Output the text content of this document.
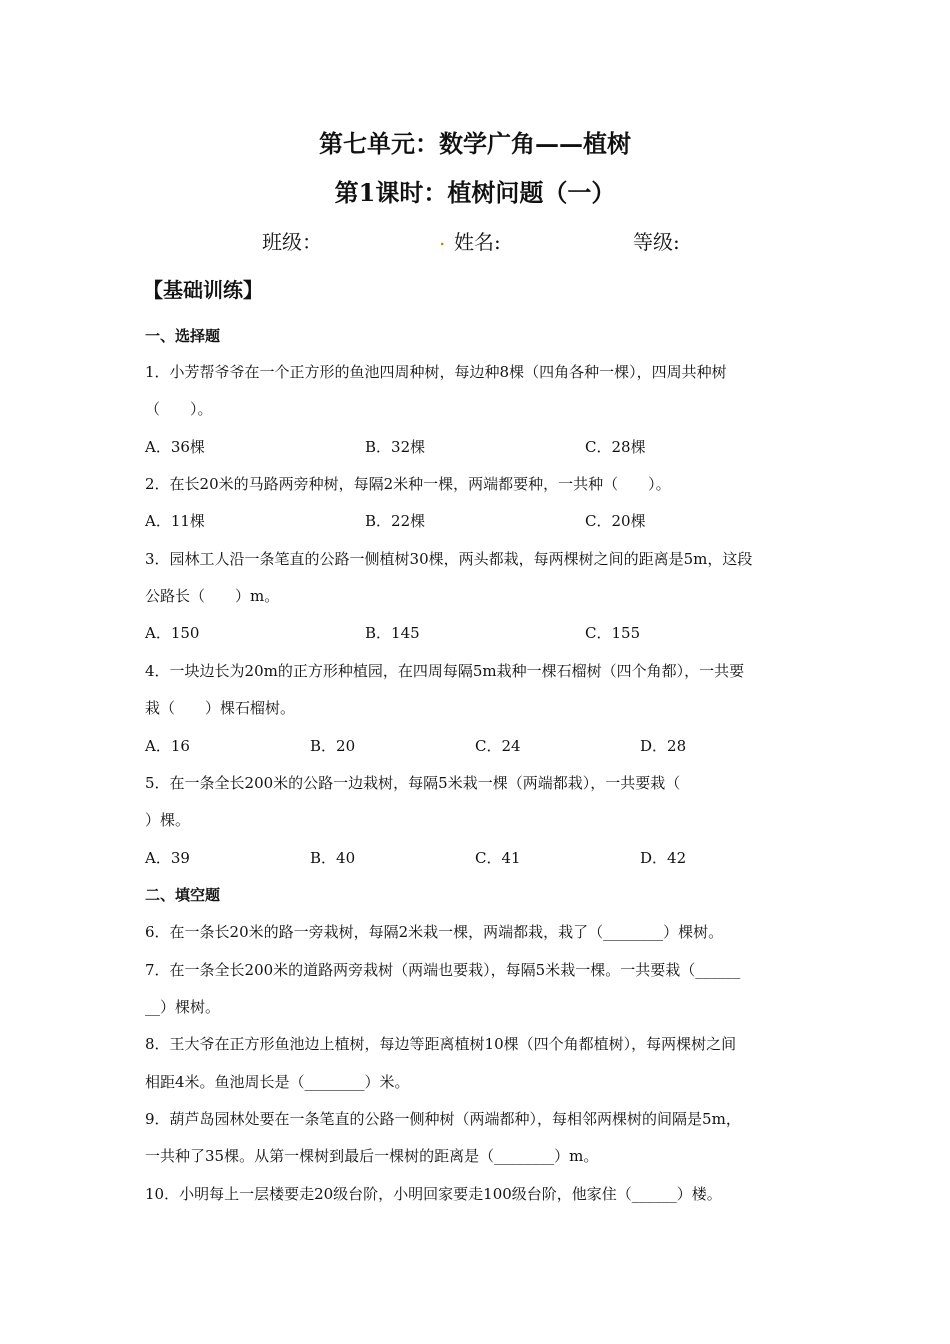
第七单元：数学广角——植树
第1课时：植树问题（一）
班级：	. 姓名:	等级:
【基础训练】
一、选择题
1．小芳帮爷爷在一个正方形的鱼池四周种树，每边种8棵（四角各种一棵），四周共种树
（　　）。
A．36棵	B．32棵	C．28棵
2．在长20米的马路两旁种树，每隔2米种一棵，两端都要种，一共种（　　）。
A．11棵	B．22棵	C．20棵
3．园林工人沿一条笔直的公路一侧植树30棵，两头都栽，每两棵树之间的距离是5m，这段
公路长（　　）m。
A．150	B．145	C．155
4．一块边长为20m的正方形种植园，在四周每隔5m栽种一棵石榴树（四个角都），一共要
栽（　　）棵石榴树。
A．16	B．20	C．24	D．28
5．在一条全长200米的公路一边栽树，每隔5米栽一棵（两端都栽），一共要栽（
）棵。
A．39	B．40	C．41	D．42
二、填空题
6．在一条长20米的路一旁栽树，每隔2米栽一棵，两端都栽，栽了（________）棵树。
7．在一条全长200米的道路两旁栽树（两端也要栽），每隔5米栽一棵。一共要栽（______
__）棵树。
8．王大爷在正方形鱼池边上植树，每边等距离植树10棵（四个角都植树），每两棵树之间
相距4米。鱼池周长是（________）米。
9．葫芦岛园林处要在一条笔直的公路一侧种树（两端都种），每相邻两棵树的间隔是5m，
一共种了35棵。从第一棵树到最后一棵树的距离是（________）m。
10．小明每上一层楼要走20级台阶，小明回家要走100级台阶，他家住（______）楼。
